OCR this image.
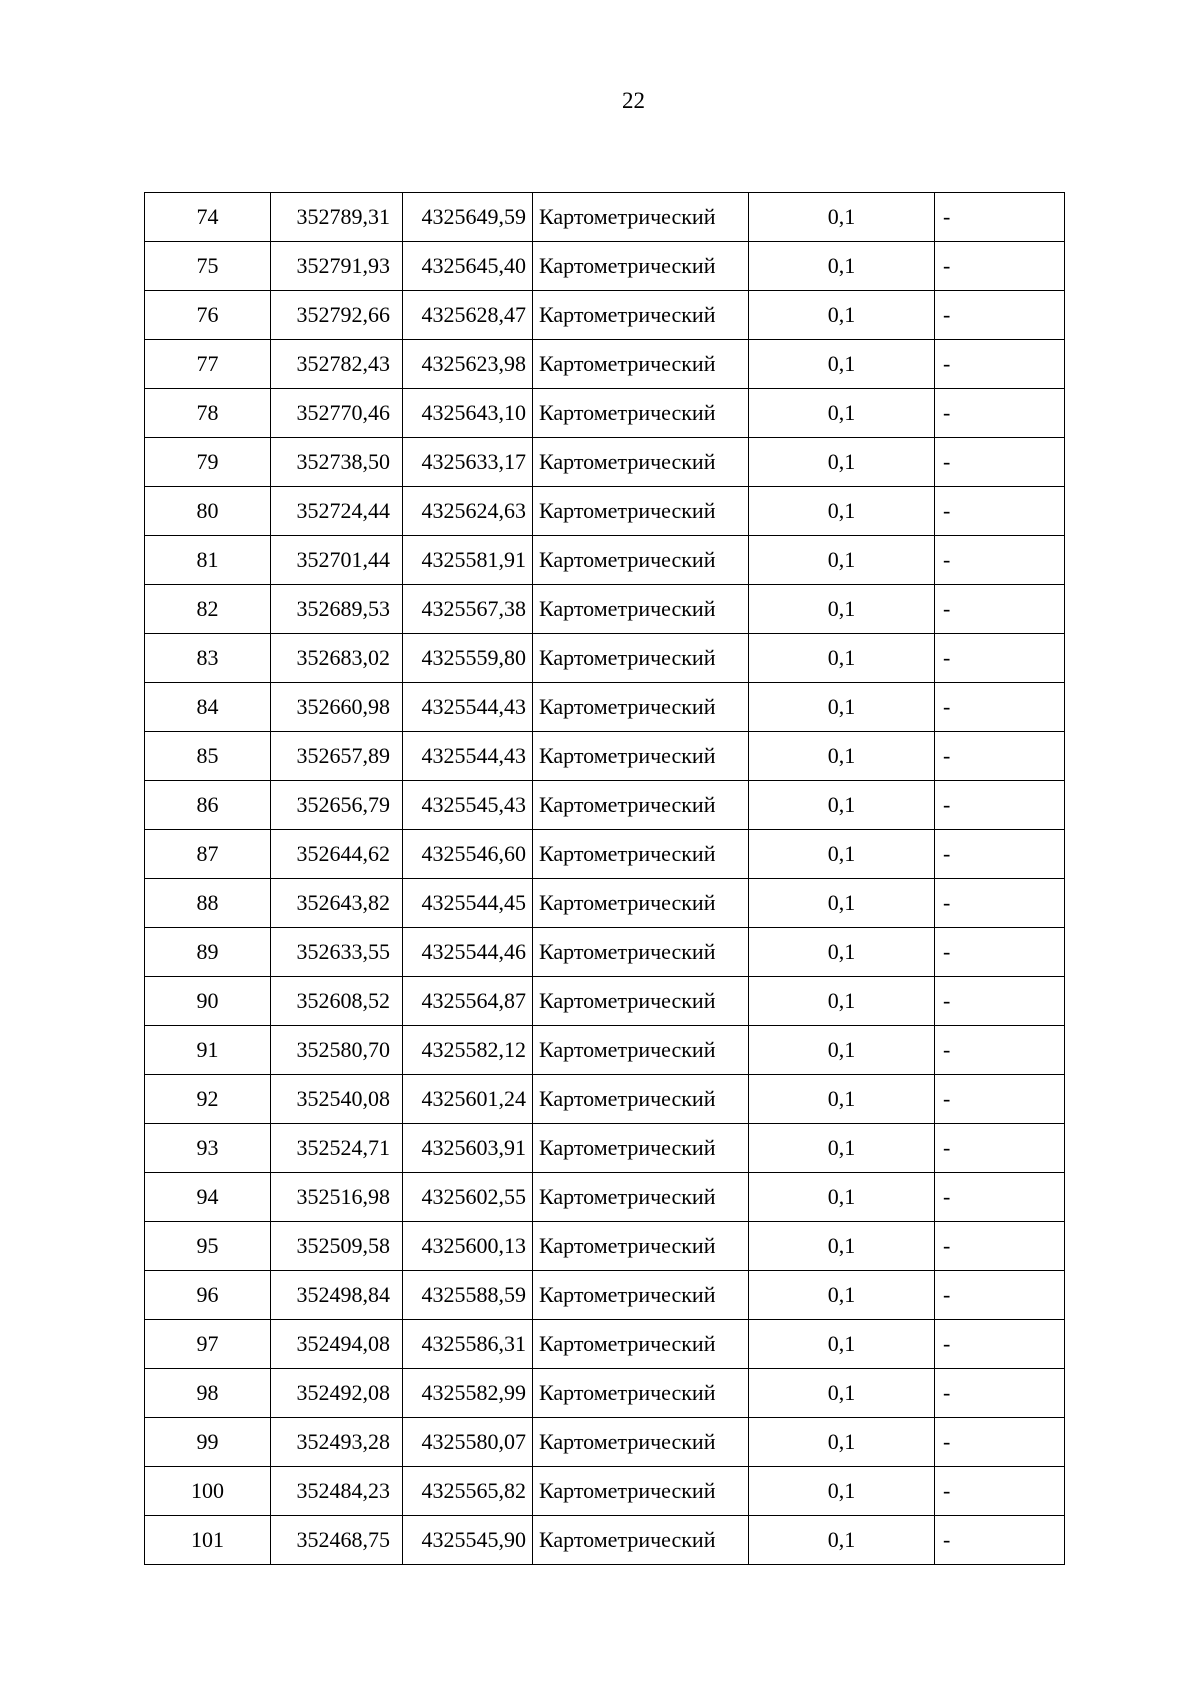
22
74	352789,31	4325649,59	Картометрический	0,1	-
75	352791,93	4325645,40	Картометрический	0,1	-
76	352792,66	4325628,47	Картометрический	0,1	-
77	352782,43	4325623,98	Картометрический	0,1	-
78	352770,46	4325643,10	Картометрический	0,1	-
79	352738,50	4325633,17	Картометрический	0,1	-
80	352724,44	4325624,63	Картометрический	0,1	-
81	352701,44	4325581,91	Картометрический	0,1	-
82	352689,53	4325567,38	Картометрический	0,1	-
83	352683,02	4325559,80	Картометрический	0,1	-
84	352660,98	4325544,43	Картометрический	0,1	-
85	352657,89	4325544,43	Картометрический	0,1	-
86	352656,79	4325545,43	Картометрический	0,1	-
87	352644,62	4325546,60	Картометрический	0,1	-
88	352643,82	4325544,45	Картометрический	0,1	-
89	352633,55	4325544,46	Картометрический	0,1	-
90	352608,52	4325564,87	Картометрический	0,1	-
91	352580,70	4325582,12	Картометрический	0,1	-
92	352540,08	4325601,24	Картометрический	0,1	-
93	352524,71	4325603,91	Картометрический	0,1	-
94	352516,98	4325602,55	Картометрический	0,1	-
95	352509,58	4325600,13	Картометрический	0,1	-
96	352498,84	4325588,59	Картометрический	0,1	-
97	352494,08	4325586,31	Картометрический	0,1	-
98	352492,08	4325582,99	Картометрический	0,1	-
99	352493,28	4325580,07	Картометрический	0,1	-
100	352484,23	4325565,82	Картометрический	0,1	-
101	352468,75	4325545,90	Картометрический	0,1	-
